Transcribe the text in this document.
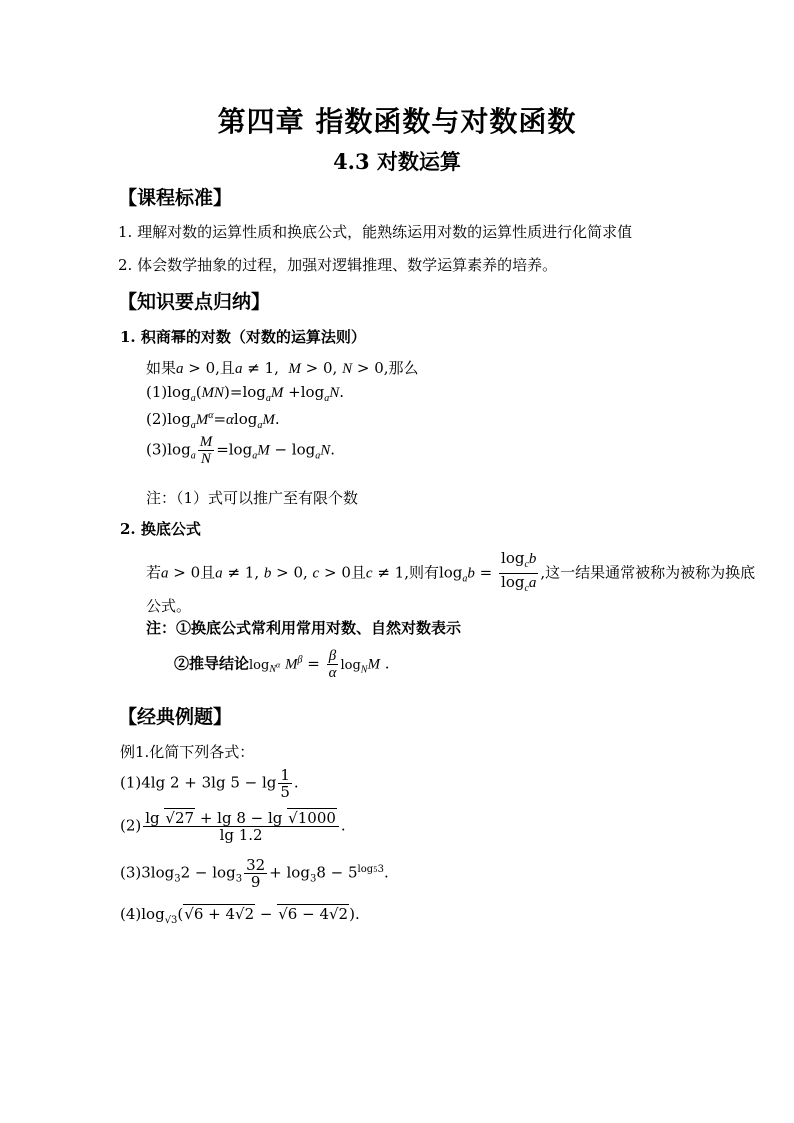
第四章 指数函数与对数函数
4.3 对数运算
【课程标准】
1. 理解对数的运算性质和换底公式，能熟练运用对数的运算性质进行化简求值
2. 体会数学抽象的过程，加强对逻辑推理、数学运算素养的培养。
【知识要点归纳】
1. 积商幂的对数（对数的运算法则）
如果a > 0,且a ≠ 1,  M > 0, N > 0,那么
$(1)\log_a(MN)=\log_aM +\log_aN$.
$(2)\log_aM^\alpha=\alpha\log_aM$.
$(3)\log_a \frac{M}{N} =\log_aM - \log_aN$.
注：（1）式可以推广至有限个数
2. 换底公式
若a > 0且a ≠ 1, b > 0, c > 0且c ≠ 1,则有$\log_ab = \frac{\log_cb}{\log_ca}$ ,这一结果通常被称为被称为换底
公式。
注：①换底公式常利用常用对数、自然对数表示
②推导结论$\log_{N^\alpha} M^\beta = \frac{\beta}{\alpha} \log_NM$ .
【经典例题】
例1.化简下列各式：
(1)4lg 2 + 3lg $5 - \lg \frac{1}{5}$ .
$(2) \frac{\lg √27 + \lg 8 - \lg √1000}{\lg 1.2}$ .
$(3)3\log_32 - \log_3 \frac{32}{9} + \log_38 - 5^{log53}$.
$(4)\log_{√3}(√6 + 4√2 - √6 - 4√2)$.
